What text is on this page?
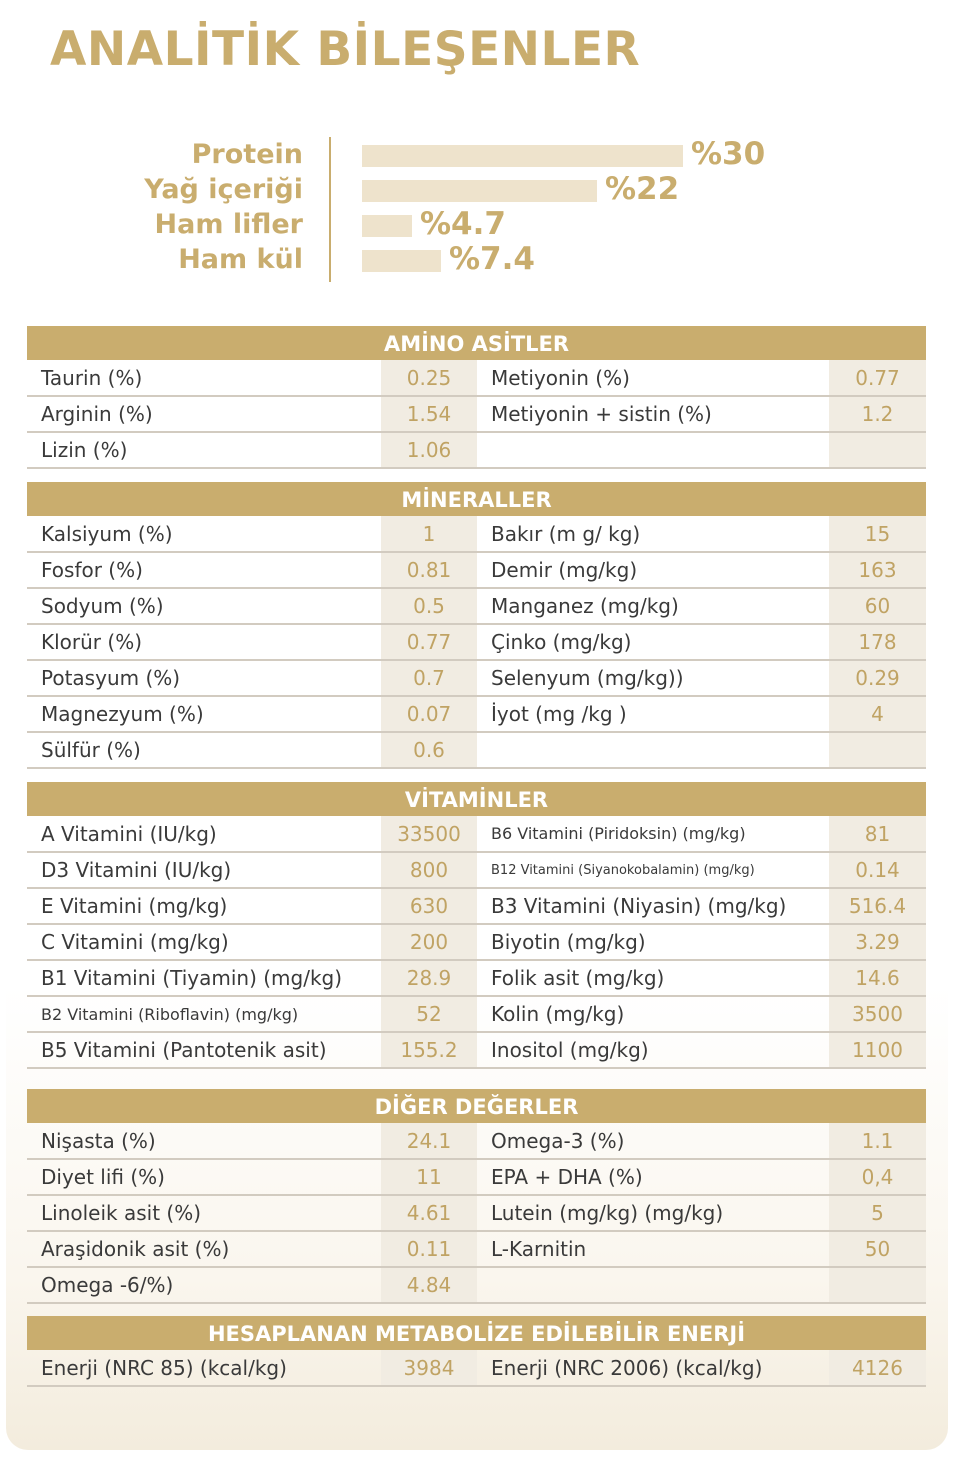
ANALİTİK BİLEŞENLER
Protein
Yağ içeriği
Ham lifler
Ham kül
%30
%22
%4.7
%7.4
AMİNO ASİTLER
Taurin (%)	0.25	Metiyonin (%)	0.77
Arginin (%)	1.54	Metiyonin + sistin (%)	1.2
Lizin (%)	1.06		
MİNERALLER
Kalsiyum (%)	1	Bakır (m g/ kg)	15
Fosfor (%)	0.81	Demir (mg/kg)	163
Sodyum (%)	0.5	Manganez (mg/kg)	60
Klorür (%)	0.77	Çinko (mg/kg)	178
Potasyum (%)	0.7	Selenyum (mg/kg))	0.29
Magnezyum (%)	0.07	İyot (mg /kg )	4
Sülfür (%)	0.6		
VİTAMİNLER
A Vitamini (IU/kg)	33500	B6 Vitamini (Piridoksin) (mg/kg)	81
D3 Vitamini (IU/kg)	800	B12 Vitamini (Siyanokobalamin) (mg/kg)	0.14
E Vitamini (mg/kg)	630	B3 Vitamini (Niyasin) (mg/kg)	516.4
C Vitamini (mg/kg)	200	Biyotin (mg/kg)	3.29
B1 Vitamini (Tiyamin) (mg/kg)	28.9	Folik asit (mg/kg)	14.6
B2 Vitamini (Riboflavin) (mg/kg)	52	Kolin (mg/kg)	3500
B5 Vitamini (Pantotenik asit)	155.2	Inositol (mg/kg)	1100
DİĞER DEĞERLER
Nişasta (%)	24.1	Omega-3 (%)	1.1
Diyet lifi (%)	11	EPA + DHA (%)	0,4
Linoleik asit (%)	4.61	Lutein (mg/kg) (mg/kg)	5
Araşidonik asit (%)	0.11	L-Karnitin	50
Omega -6/%)	4.84		
HESAPLANAN METABOLİZE EDİLEBİLİR ENERJİ
Enerji (NRC 85) (kcal/kg)	3984	Enerji (NRC 2006) (kcal/kg)	4126
